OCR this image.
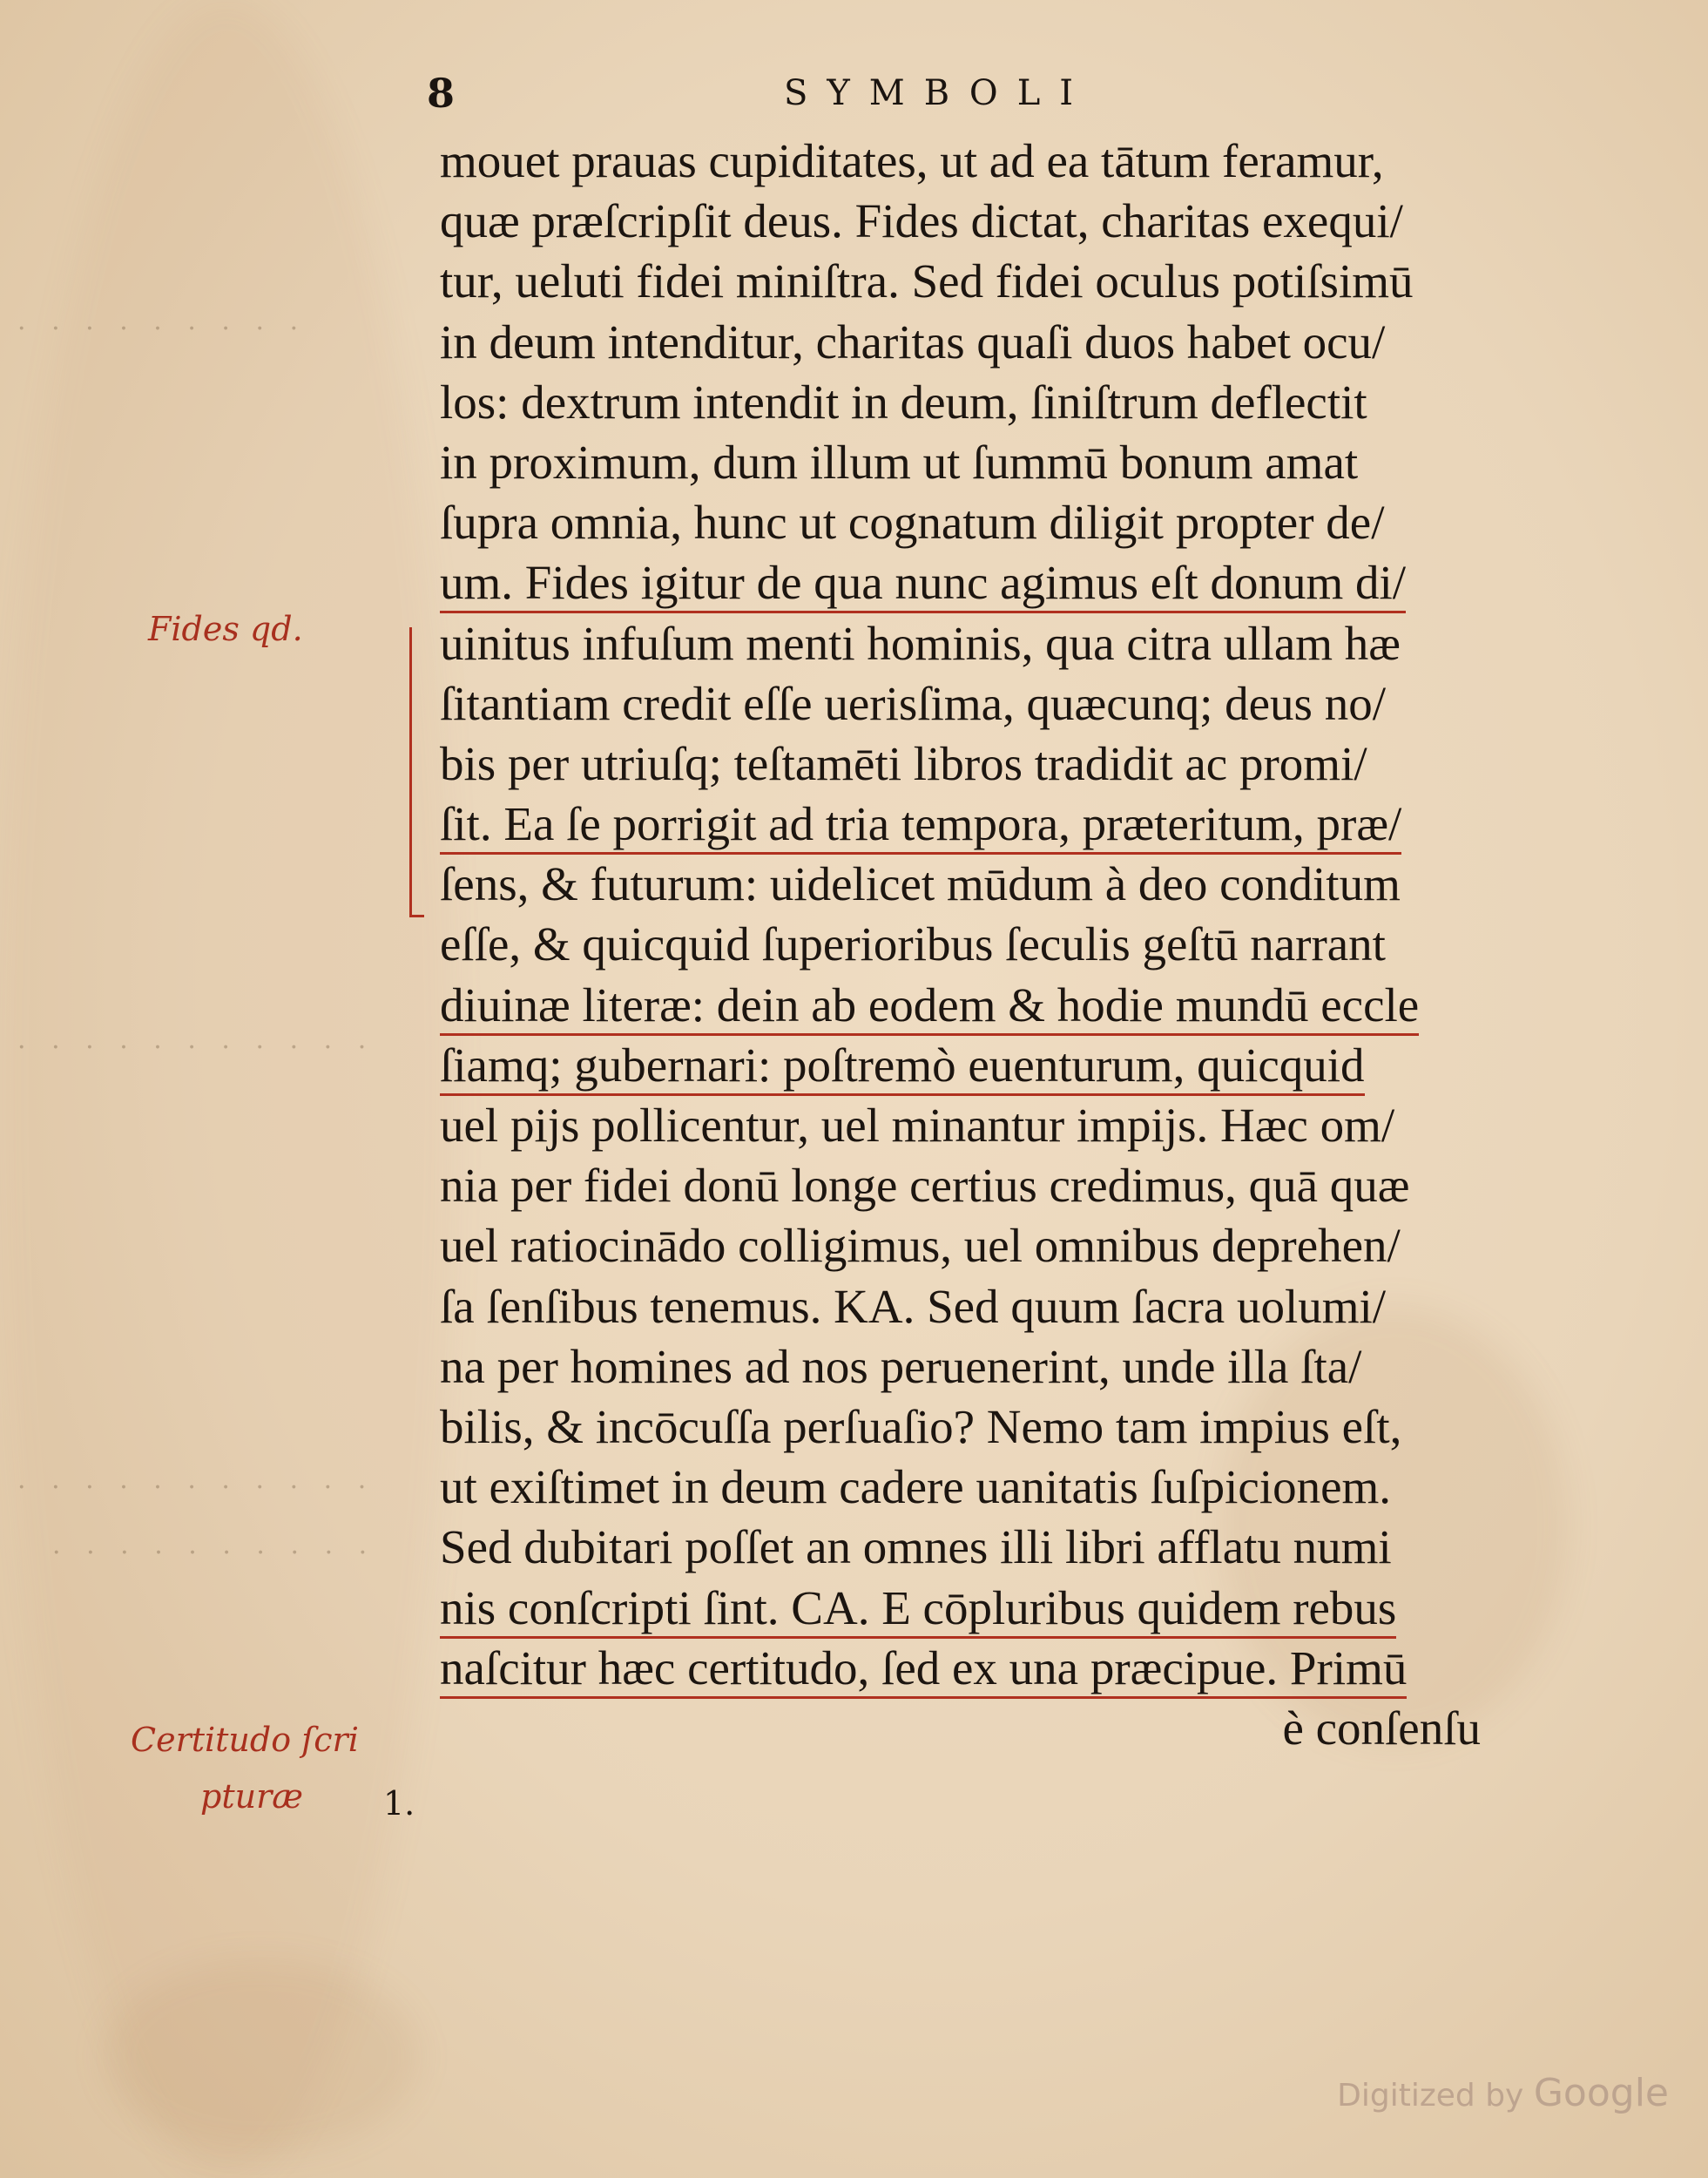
8	SYMBOLI
mouet prauas cupiditates, ut ad ea tātum feramur,
quæ præſcripſit deus. Fides dictat, charitas exequi/
tur, ueluti fidei miniſtra. Sed fidei oculus potiſsimū
in deum intenditur, charitas quaſi duos habet ocu/
los: dextrum intendit in deum, ſiniſtrum deflectit
in proximum, dum illum ut ſummū bonum amat
ſupra omnia, hunc ut cognatum diligit propter de/
um. Fides igitur de qua nunc agimus eſt donum di/
uinitus infuſum menti hominis, qua citra ullam hæ
ſitantiam credit eſſe uerisſima, quæcunq; deus no/
bis per utriuſq; teſtamēti libros tradidit ac promi/
ſit. Ea ſe porrigit ad tria tempora, præteritum, præ/
ſens, & futurum: uidelicet mūdum à deo conditum
eſſe, & quicquid ſuperioribus ſeculis geſtū narrant
diuinæ literæ: dein ab eodem & hodie mundū eccle
ſiamq; gubernari: poſtremò euenturum, quicquid
uel pijs pollicentur, uel minantur impijs. Hæc om/
nia per fidei donū longe certius credimus, quā quæ
uel ratiocinādo colligimus, uel omnibus deprehen/
ſa ſenſibus tenemus. KA. Sed quum ſacra uolumi/
na per homines ad nos peruenerint, unde illa ſta/
bilis, & incōcuſſa perſuaſio? Nemo tam impius eſt,
ut exiſtimet in deum cadere uanitatis ſuſpicionem.
Sed dubitari poſſet an omnes illi libri afflatu numi
nis conſcripti ſint. CA. E cōpluribus quidem rebus
naſcitur hæc certitudo, ſed ex una præcipue. Primū
è conſenſu
Fides qd.
Certitudo ſcri
pturæ 1.
· · · · · · · · ·
· · · · · · · · · · ·
· · · · · · · · · · ·
· · · · · · · · · ·
Digitized by Google
